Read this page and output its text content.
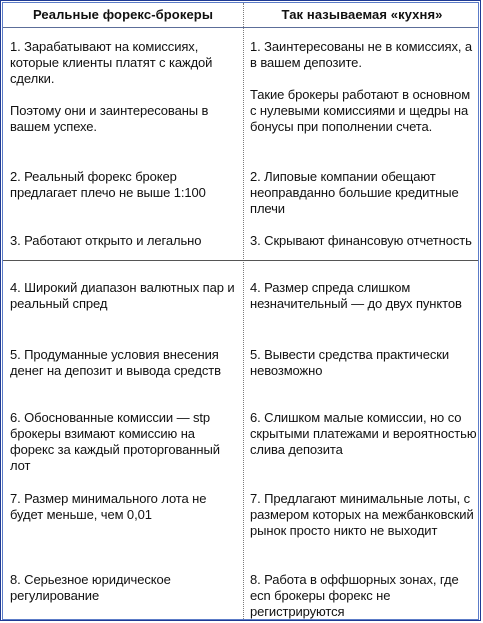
Реальные форекс-брокеры	Так называемая «кухня»

1. Зарабатывают на комиссиях, которые клиенты платят с каждой сделки.

Поэтому они и заинтересованы в вашем успехе.

1. Заинтересованы не в комиссиях, а в вашем депозите.

Такие брокеры работают в основном с нулевыми комиссиями и щедры на бонусы при пополнении счета.

2. Реальный форекс брокер предлагает плечо не выше 1:100

2. Липовые компании обещают неоправданно большие кредитные плечи

3. Работают открыто и легально	3. Скрывают финансовую отчетность

4. Широкий диапазон валютных пар и реальный спред

4. Размер спреда слишком незначительный — до двух пунктов

5. Продуманные условия внесения денег на депозит и вывода средств

5. Вывести средства практически невозможно

6. Обоснованные комиссии — stp брокеры взимают комиссию на форекс за каждый проторгованный лот

6. Слишком малые комиссии, но со скрытыми платежами и вероятностью слива депозита

7. Размер минимального лота не будет меньше, чем 0,01

7. Предлагают минимальные лоты, с размером которых на межбанковский рынок просто никто не выходит

8. Серьезное юридическое регулирование

8. Работа в оффшорных зонах, где ecn брокеры форекс не регистрируются
